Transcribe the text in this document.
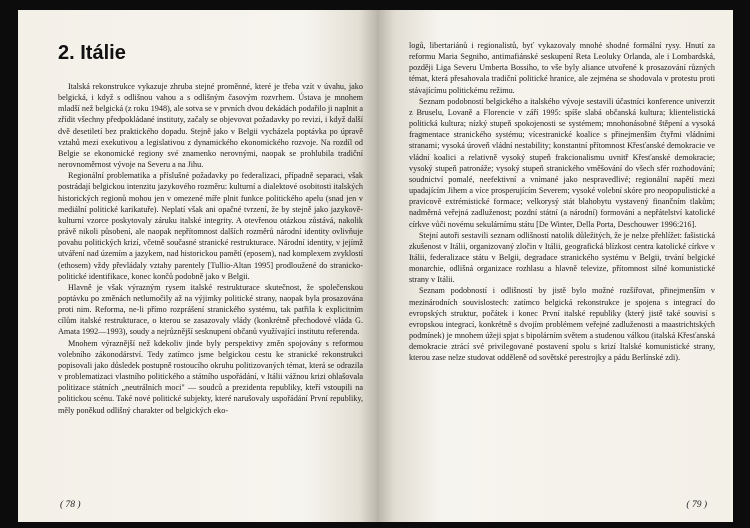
2. Itálie

Italská rekonstrukce vykazuje zhruba stejné proměnné, které je třeba vzít v úvahu, jako belgická, i když s odlišnou vahou a s odlišným časovým rozvrhem. Ústava je mnohem mladší než belgická (z roku 1948), ale sotva se v prvních dvou dekádách podařilo ji naplnit a zřídit všechny předpokládané instituty, začaly se objevovat požadavky po revizi, i když další dvě desetiletí bez praktického dopadu. Stejně jako v Belgii vycházela poptávka po úpravě vztahů mezi exekutivou a legislativou z dynamického ekonomického rozvoje. Na rozdíl od Belgie se ekonomické regiony své znamenko nerovnými, naopak se prohlubila tradiční nerovnoměrnost vývoje na Severu a na Jihu.

Regionální problematika a příslušné požadavky po federalizaci, případně separaci, však postrádají belgickou intenzitu jazykového rozměru: kulturní a dialektové osobitosti italských historických regionů mohou jen v omezené míře plnit funkce politického apelu (snad jen v mediální politické karikatuře). Neplatí však ani opačné tvrzení, že by stejně jako jazykově-kulturní vzorce poskytovaly záruku italské integrity. A otevřenou otázkou zůstává, nakolik právě nikoli působení, ale naopak nepřítomnost dalších rozměrů národní identity ovlivňuje povahu politických krizí, včetně současné stranické restrukturace. Národní identity, v jejímž utváření nad územím a jazykem, nad historickou pamětí (eposem), nad komplexem zvyklostí (ethosem) vždy převládaly vztahy parentely [Tullio-Altan 1995] prodloužené do stranicko-politické identifikace, konec končů podobně jako v Belgii.

Hlavně je však výrazným rysem italské restrukturace skutečnost, že společenskou poptávku po změnách netlumočily až na výjimky politické strany, naopak byla prosazována proti nim. Reforma, ne-li přímo rozprášení stranického systému, tak patřila k explicitním cílům italské restrukturace, o kterou se zasazovaly vlády (konkrétně přechodové vláda G. Amata 1992—1993), soudy a nejrůznější sesknupení občanů využívající institutu referenda.

Mnohem výraznější než kdekoliv jinde byly perspektivy změn spojovány s reformou volebního zákonodárství. Tedy zatímco jsme belgickou cestu ke stranické rekonstrukci popisovali jako důsledek postupně rostoucího okruhu politizovaných témat, která se odrazila v problematizaci vlastního politického a státního uspořádání, v Itálii vážnou krizi ohlašovala politizace státních „neutrálních moci" — soudců a prezidenta republiky, kteří vstoupili na politickou scénu. Také nové politické subjekty, které narušovaly uspořádání První republiky, měly poněkud odlišný charakter od belgických eko-

( 78 )

logů, libertariánů i regionalistů, byť vykazovaly mnohé shodné formální rysy. Hnutí za reformu Maria Segniho, antimafiánské seskupení Reta Leoluky Orlanda, ale i Lombardská, později Liga Severu Umberta Bossiho, to vše byly aliance utvořené k prosazování různých témat, která přesahovala tradiční politické hranice, ale zejména se shodovala v protestu proti stávajícímu politickému režimu.

Seznam podobností belgického a italského vývoje sestavili účastníci konference univerzit z Bruselu, Lovaně a Florencie v září 1995: spíše slabá občanská kultura; klientelistická politická kultura; nízký stupeň spokojenosti se systémem; mnohonásobné štěpení a vysoká fragmentace stranického systému; vícestranické koalice s přinejmenším čtyřmi vládními stranami; vysoká úroveň vládní nestability; konstantní přítomnost Křesťanské demokracie ve vládní koalici a relativně vysoký stupeň frakcionalismu uvnitř Křesťanské demokracie; vysoký stupeň patronáže; vysoký stupeň stranického vměšování do všech sfér rozhodování; soudnictví pomalé, neefektivní a vnímané jako nespravedlivé; regionální napětí mezi upadajícím Jihem a více prosperujícím Severem; vysoké volební skóre pro neopopulistické a pravicově extrémistické formace; velkorysý stát blahobytu vystavený finančním tlakům; nadměrná veřejná zadluženost; pozdní státní (a národní) formování a nepřátelství katolické církve vůči novému sekulárnímu státu [De Winter, Della Porta, Deschouwer 1996:216].

Stejní autoři sestavili seznam odlišností natolik důležitých, že je nelze přehlížet: fašistická zkušenost v Itálii, organizovaný zločin v Itálii, geografická blízkost centra katolické církve v Itálii, federalizace státu v Belgii, degradace stranického systému v Belgii, trvání belgické monarchie, odlišná organizace rozhlasu a hlavně televize, přítomnost silné komunistické strany v Itálii.

Seznam podobností i odlišností by jistě bylo možné rozšiřovat, přinejmenším v mezinárodních souvislostech: zatímco belgická rekonstrukce je spojena s integrací do evropských struktur, počátek i konec První italské republiky (který jistě také souvisí s evropskou integrací, konkrétně s dvojím problémem veřejné zadluženosti a maastrichtských podmínek) je mnohem úžeji spjat s bipolárním světem a studenou válkou (italská Křesťanská demokracie ztrácí své privilegované postavení spolu s krizí Italské komunistické strany, kterou zase nelze studovat odděleně od sovětské perestrojky a pádu Berlínské zdi).

( 79 )
